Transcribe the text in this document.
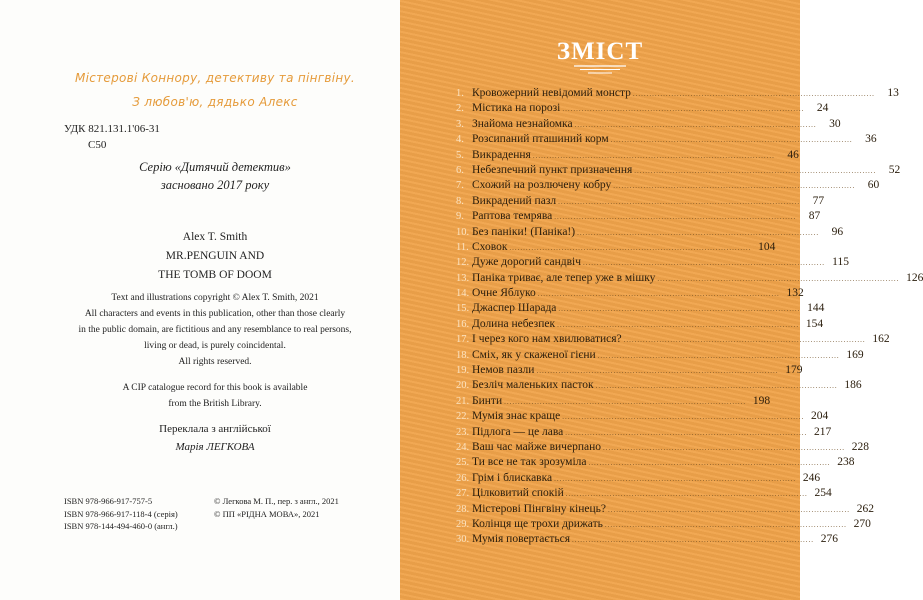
Містерові Коннору, детективу та пінгвіну.
З любов'ю, дядько Алекс
УДК 821.131.1'06-31
С50
Серію «Дитячий детектив»
засновано 2017 року
Alex T. Smith
MR.PENGUIN AND
THE TOMB OF DOOM
Text and illustrations copyright © Alex T. Smith, 2021
All characters and events in this publication, other than those clearly
in the public domain, are fictitious and any resemblance to real persons,
living or dead, is purely coincidental.
All rights reserved.
A CIP catalogue record for this book is available
from the British Library.
Переклала з англійської
Марія ЛЕГКОВА
ISBN 978-966-917-757-5
ISBN 978-966-917-118-4 (серія)
ISBN 978-144-494-460-0 (англ.)
© Легкова М. П., пер. з англ., 2021
© ПП «РІДНА МОВА», 2021
ЗМІСТ
1. Кровожерний невідомий монстр ........................................................................................	13
2. Містика на порозі ........................................................................................	24
3. Знайома незнайомка ........................................................................................	30
4. Розсипаний пташиний корм ........................................................................................	36
5. Викрадення ........................................................................................	46
6. Небезпечний пункт призначення ........................................................................................	52
7. Схожий на розлючену кобру ........................................................................................	60
8. Викрадений пазл ........................................................................................	77
9. Раптова темрява ........................................................................................	87
10. Без паніки! (Паніка!) ........................................................................................	96
11. Сховок ........................................................................................ 104
12. Дуже дорогий сандвіч ........................................................................................ 115
13. Паніка триває, але тепер уже в мішку ........................................................................................ 126
14. Очне Яблуко ........................................................................................ 132
15. Джаспер Шарада ........................................................................................ 144
16. Долина небезпек ........................................................................................ 154
17. І через кого нам хвилюватися? ........................................................................................ 162
18. Сміх, як у скаженої гієни ........................................................................................ 169
19. Немов пазли ........................................................................................ 179
20. Безліч маленьких пасток ........................................................................................ 186
21. Бинти ........................................................................................ 198
22. Мумія знає краще ........................................................................................ 204
23. Підлога — це лава ........................................................................................ 217
24. Ваш час майже вичерпано ........................................................................................ 228
25. Ти все не так зрозуміла ........................................................................................ 238
26. Грім і блискавка ........................................................................................ 246
27. Цілковитий спокій ........................................................................................ 254
28. Містерові Пінгвіну кінець? ........................................................................................ 262
29. Колінця ще трохи дрижать ........................................................................................ 270
30. Мумія повертається ........................................................................................ 276
